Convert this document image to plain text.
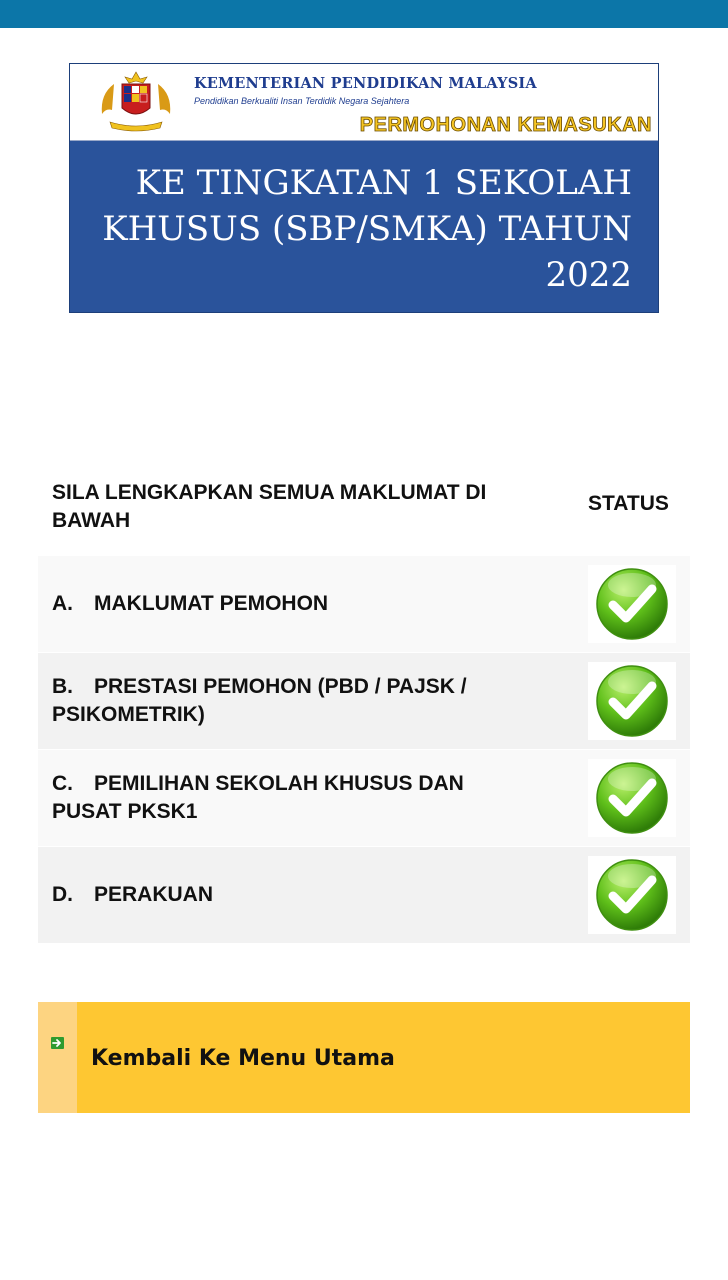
KEMENTERIAN PENDIDIKAN MALAYSIA
Pendidikan Berkualiti Insan Terdidik Negara Sejahtera
PERMOHONAN KEMASUKAN
KE TINGKATAN 1 SEKOLAH KHUSUS (SBP/SMKA) TAHUN 2022
SILA LENGKAPKAN SEMUA MAKLUMAT DI BAWAH
STATUS
A. MAKLUMAT PEMOHON
B. PRESTASI PEMOHON (PBD / PAJSK / PSIKOMETRIK)
C. PEMILIHAN SEKOLAH KHUSUS DAN PUSAT PKSK1
D. PERAKUAN
Kembali Ke Menu Utama
